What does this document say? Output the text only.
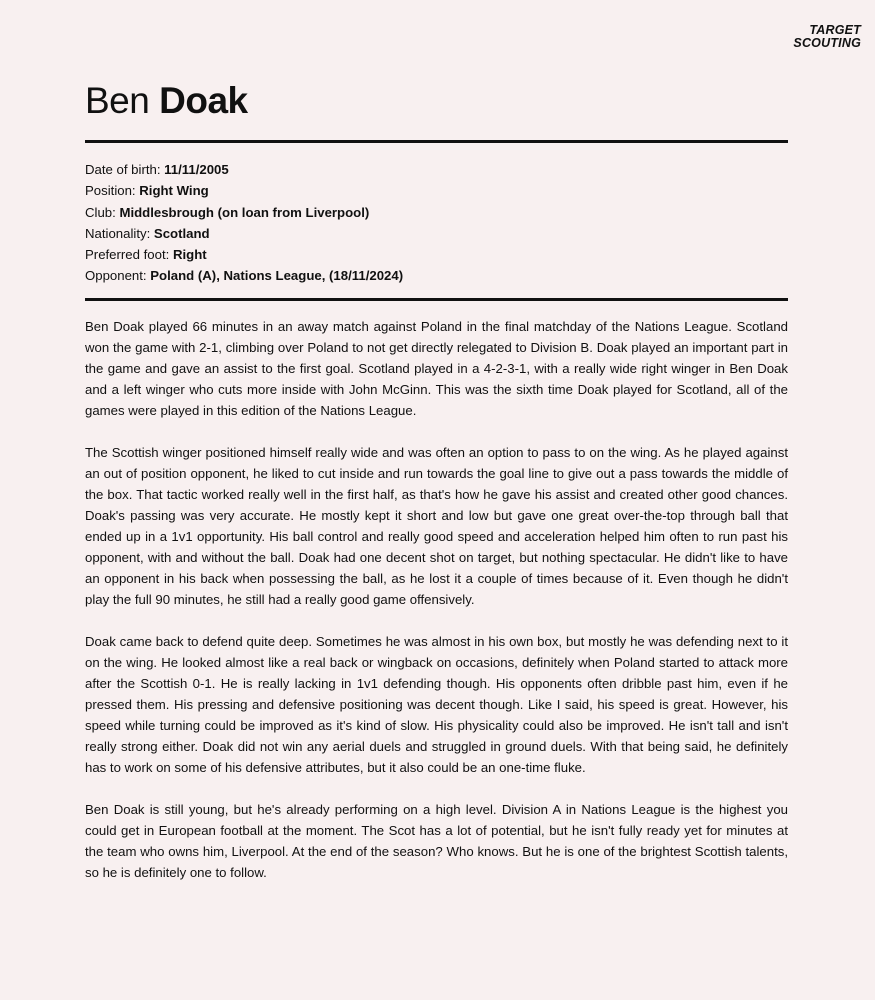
TARGET
SCOUTING
Ben Doak
Date of birth: 11/11/2005
Position: Right Wing
Club: Middlesbrough (on loan from Liverpool)
Nationality: Scotland
Preferred foot: Right
Opponent: Poland (A), Nations League, (18/11/2024)

Ben Doak played 66 minutes in an away match against Poland in the final matchday of the Nations League. Scotland won the game with 2-1, climbing over Poland to not get directly relegated to Division B. Doak played an important part in the game and gave an assist to the first goal. Scotland played in a 4-2-3-1, with a really wide right winger in Ben Doak and a left winger who cuts more inside with John McGinn. This was the sixth time Doak played for Scotland, all of the games were played in this edition of the Nations League.

The Scottish winger positioned himself really wide and was often an option to pass to on the wing. As he played against an out of position opponent, he liked to cut inside and run towards the goal line to give out a pass towards the middle of the box. That tactic worked really well in the first half, as that's how he gave his assist and created other good chances. Doak's passing was very accurate. He mostly kept it short and low but gave one great over-the-top through ball that ended up in a 1v1 opportunity. His ball control and really good speed and acceleration helped him often to run past his opponent, with and without the ball. Doak had one decent shot on target, but nothing spectacular. He didn't like to have an opponent in his back when possessing the ball, as he lost it a couple of times because of it. Even though he didn't play the full 90 minutes, he still had a really good game offensively.

Doak came back to defend quite deep. Sometimes he was almost in his own box, but mostly he was defending next to it on the wing. He looked almost like a real back or wingback on occasions, definitely when Poland started to attack more after the Scottish 0-1. He is really lacking in 1v1 defending though. His opponents often dribble past him, even if he pressed them. His pressing and defensive positioning was decent though. Like I said, his speed is great. However, his speed while turning could be improved as it's kind of slow. His physicality could also be improved. He isn't tall and isn't really strong either. Doak did not win any aerial duels and struggled in ground duels. With that being said, he definitely has to work on some of his defensive attributes, but it also could be an one-time fluke.

Ben Doak is still young, but he's already performing on a high level. Division A in Nations League is the highest you could get in European football at the moment. The Scot has a lot of potential, but he isn't fully ready yet for minutes at the team who owns him, Liverpool. At the end of the season? Who knows. But he is one of the brightest Scottish talents, so he is definitely one to follow.
